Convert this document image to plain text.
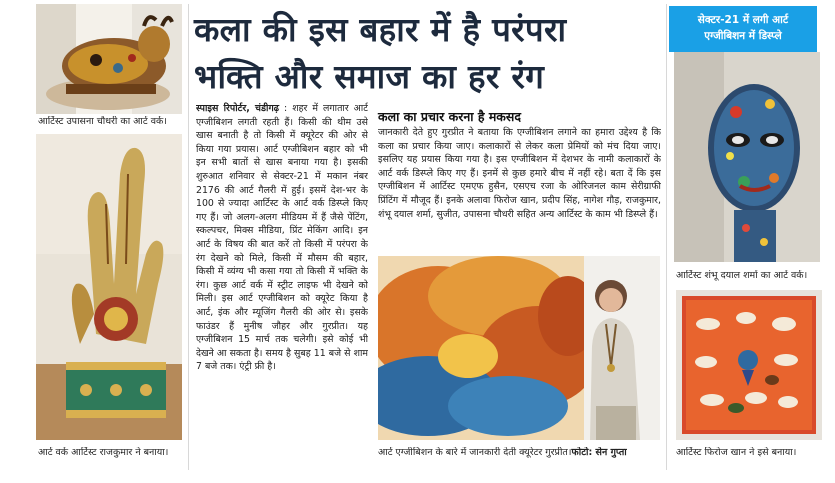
आर्टिस्ट उपासना चौधरी का आर्ट वर्क।
आर्ट वर्क आर्टिस्ट राजकुमार ने बनाया।
कला की इस बहार में है परंपरा
भक्ति और समाज का हर रंग
स्पाइस रिपोर्टर, चंडीगढ़ : शहर में लगातार आर्ट एग्जीबिशन लगती रहती हैं। किसी की थीम उसे खास बनाती है तो किसी में क्यूरेटर की ओर से किया गया प्रयास। आर्ट एग्जीबिशन बहार को भी इन सभी बातों से खास बनाया गया है। इसकी शुरुआत शनिवार से सेक्टर-21 में मकान नंबर 2176 की आर्ट गैलरी में हुई। इसमें देश-भर के 100 से ज्यादा आर्टिस्ट के आर्ट वर्क डिस्प्ले किए गए हैं। जो अलग-अलग मीडियम में हैं जैसे पेंटिंग, स्कल्पचर, मिक्स मीडिया, प्रिंट मेकिंग आदि। इन आर्ट के विषय की बात करें तो किसी में परंपरा के रंग देखने को मिले, किसी में मौसम की बहार, किसी में व्यंग्य भी कसा गया तो किसी में भक्ति के रंग। कुछ आर्ट वर्क में स्ट्रीट लाइफ भी देखने को मिली। इस आर्ट एग्जीबिशन को क्यूरेट किया है आर्ट, इंक और म्यूजिंग गैलरी की ओर से। इसके फाउंडर हैं मुनीष जौहर और गुरप्रीत। यह एग्जीबिशन 15 मार्च तक चलेगी। इसे कोई भी देखने आ सकता है। समय है सुबह 11 बजे से शाम 7 बजे तक। एंट्री फ्री है।
कला का प्रचार करना है मकसद
जानकारी देते हुए गुरप्रीत ने बताया कि एग्जीबिशन लगाने का हमारा उद्देश्य है कि कला का प्रचार किया जाए। कलाकारों से लेकर कला प्रेमियों को मंच दिया जाए। इसलिए यह प्रयास किया गया है। इस एग्जीबिशन में देशभर के नामी कलाकारों के आर्ट वर्क डिस्प्ले किए गए हैं। इनमें से कुछ हमारे बीच में नहीं रहे। बता दें कि इस एग्जीबिशन में आर्टिस्ट एमएफ हुसैन, एसएच रजा के ओरिजनल काम सेरीग्राफी प्रिंटिंग में मौजूद हैं। इनके अलावा फिरोज खान, प्रदीप सिंह, नागेश गौड़, राजकुमार, शंभू दयाल शर्मा, सुजीत, उपासना चौधरी सहित अन्य आर्टिस्ट के काम भी डिस्प्ले हैं।
आर्ट एग्जीबिशन के बारे में जानकारी देती क्यूरेटर गुरप्रीत।फोटो: सेन गुप्ता
सेक्टर-21 में लगी आर्ट
एग्जीबिशन में डिस्प्ले
आर्टिस्ट शंभू दयाल शर्मा का आर्ट वर्क।
आर्टिस्ट फिरोज खान ने इसे बनाया।
